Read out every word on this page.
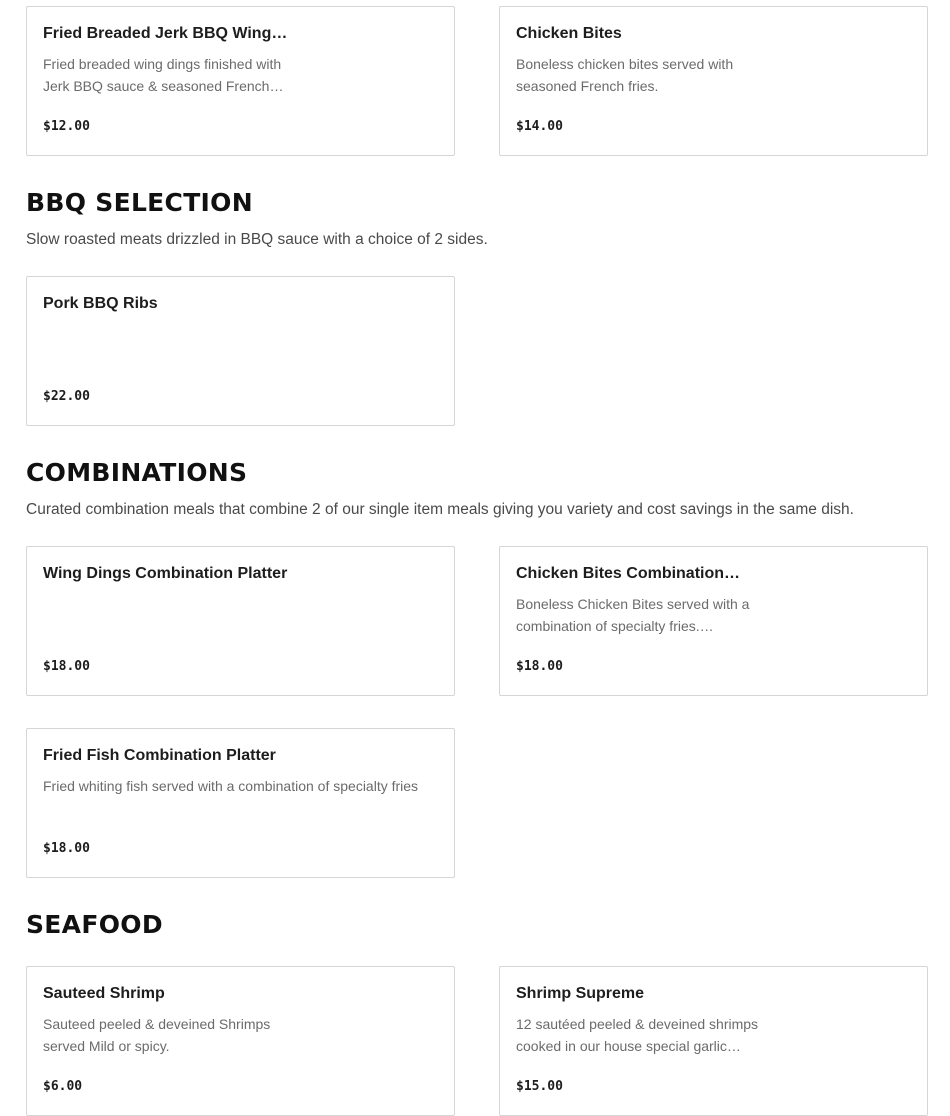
Fried Breaded Jerk BBQ Wing…
Fried breaded wing dings finished with Jerk BBQ sauce & seasoned French…
$12.00
Chicken Bites
Boneless chicken bites served with seasoned French fries.
$14.00
BBQ SELECTION

Slow roasted meats drizzled in BBQ sauce with a choice of 2 sides.

Pork BBQ Ribs
$22.00
COMBINATIONS

Curated combination meals that combine 2 of our single item meals giving you variety and cost savings in the same dish.

Wing Dings Combination Platter
$18.00
Chicken Bites Combination…
Boneless Chicken Bites served with a combination of specialty fries.…
$18.00
Fried Fish Combination Platter
Fried whiting fish served with a combination of specialty fries
$18.00
SEAFOOD
Sauteed Shrimp
Sauteed peeled & deveined Shrimps served Mild or spicy.
$6.00
Shrimp Supreme
12 sautéed peeled & deveined shrimps cooked in our house special garlic…
$15.00
